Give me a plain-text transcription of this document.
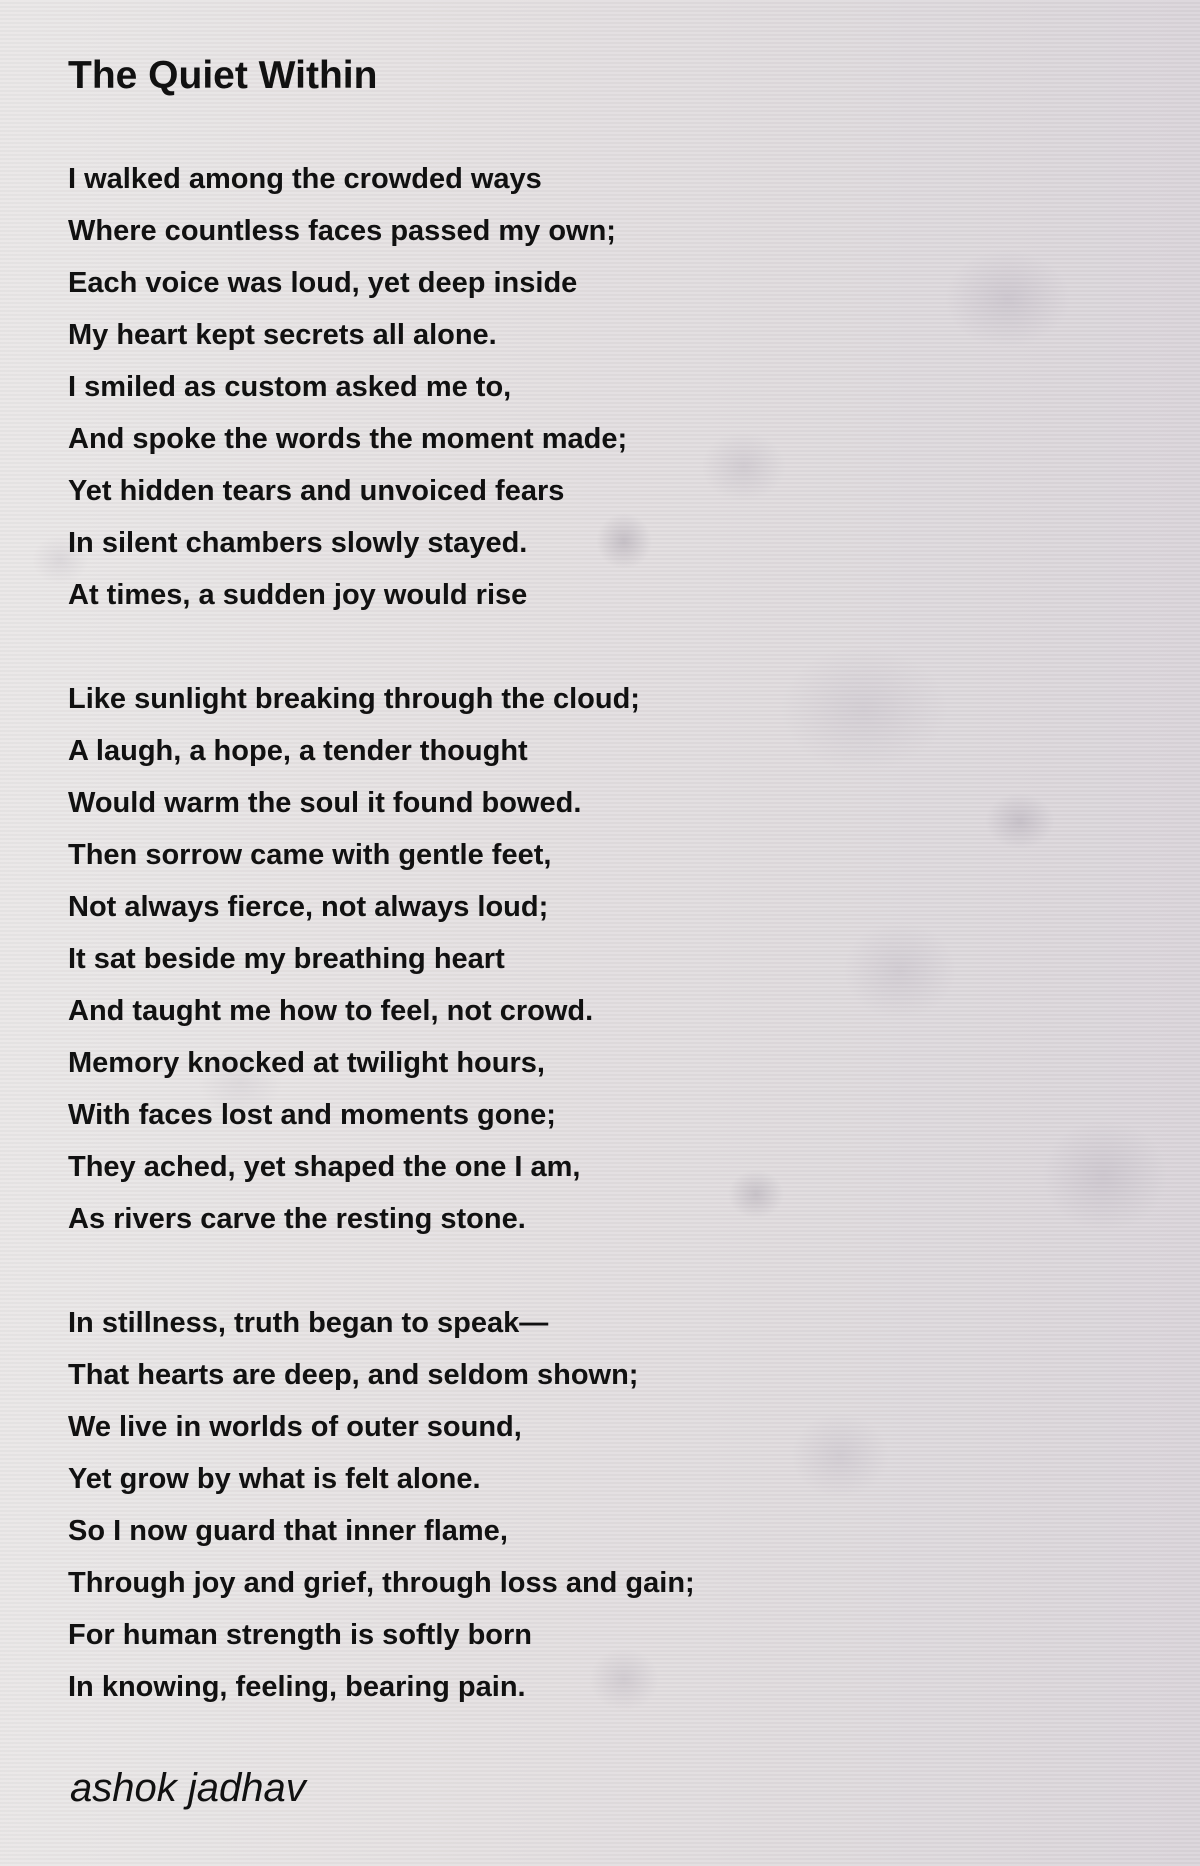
The Quiet Within
I walked among the crowded ways
Where countless faces passed my own;
Each voice was loud, yet deep inside
My heart kept secrets all alone.
I smiled as custom asked me to,
And spoke the words the moment made;
Yet hidden tears and unvoiced fears
In silent chambers slowly stayed.
At times, a sudden joy would rise
Like sunlight breaking through the cloud;
A laugh, a hope, a tender thought
Would warm the soul it found bowed.
Then sorrow came with gentle feet,
Not always fierce, not always loud;
It sat beside my breathing heart
And taught me how to feel, not crowd.
Memory knocked at twilight hours,
With faces lost and moments gone;
They ached, yet shaped the one I am,
As rivers carve the resting stone.
In stillness, truth began to speak—
That hearts are deep, and seldom shown;
We live in worlds of outer sound,
Yet grow by what is felt alone.
So I now guard that inner flame,
Through joy and grief, through loss and gain;
For human strength is softly born
In knowing, feeling, bearing pain.
ashok jadhav
